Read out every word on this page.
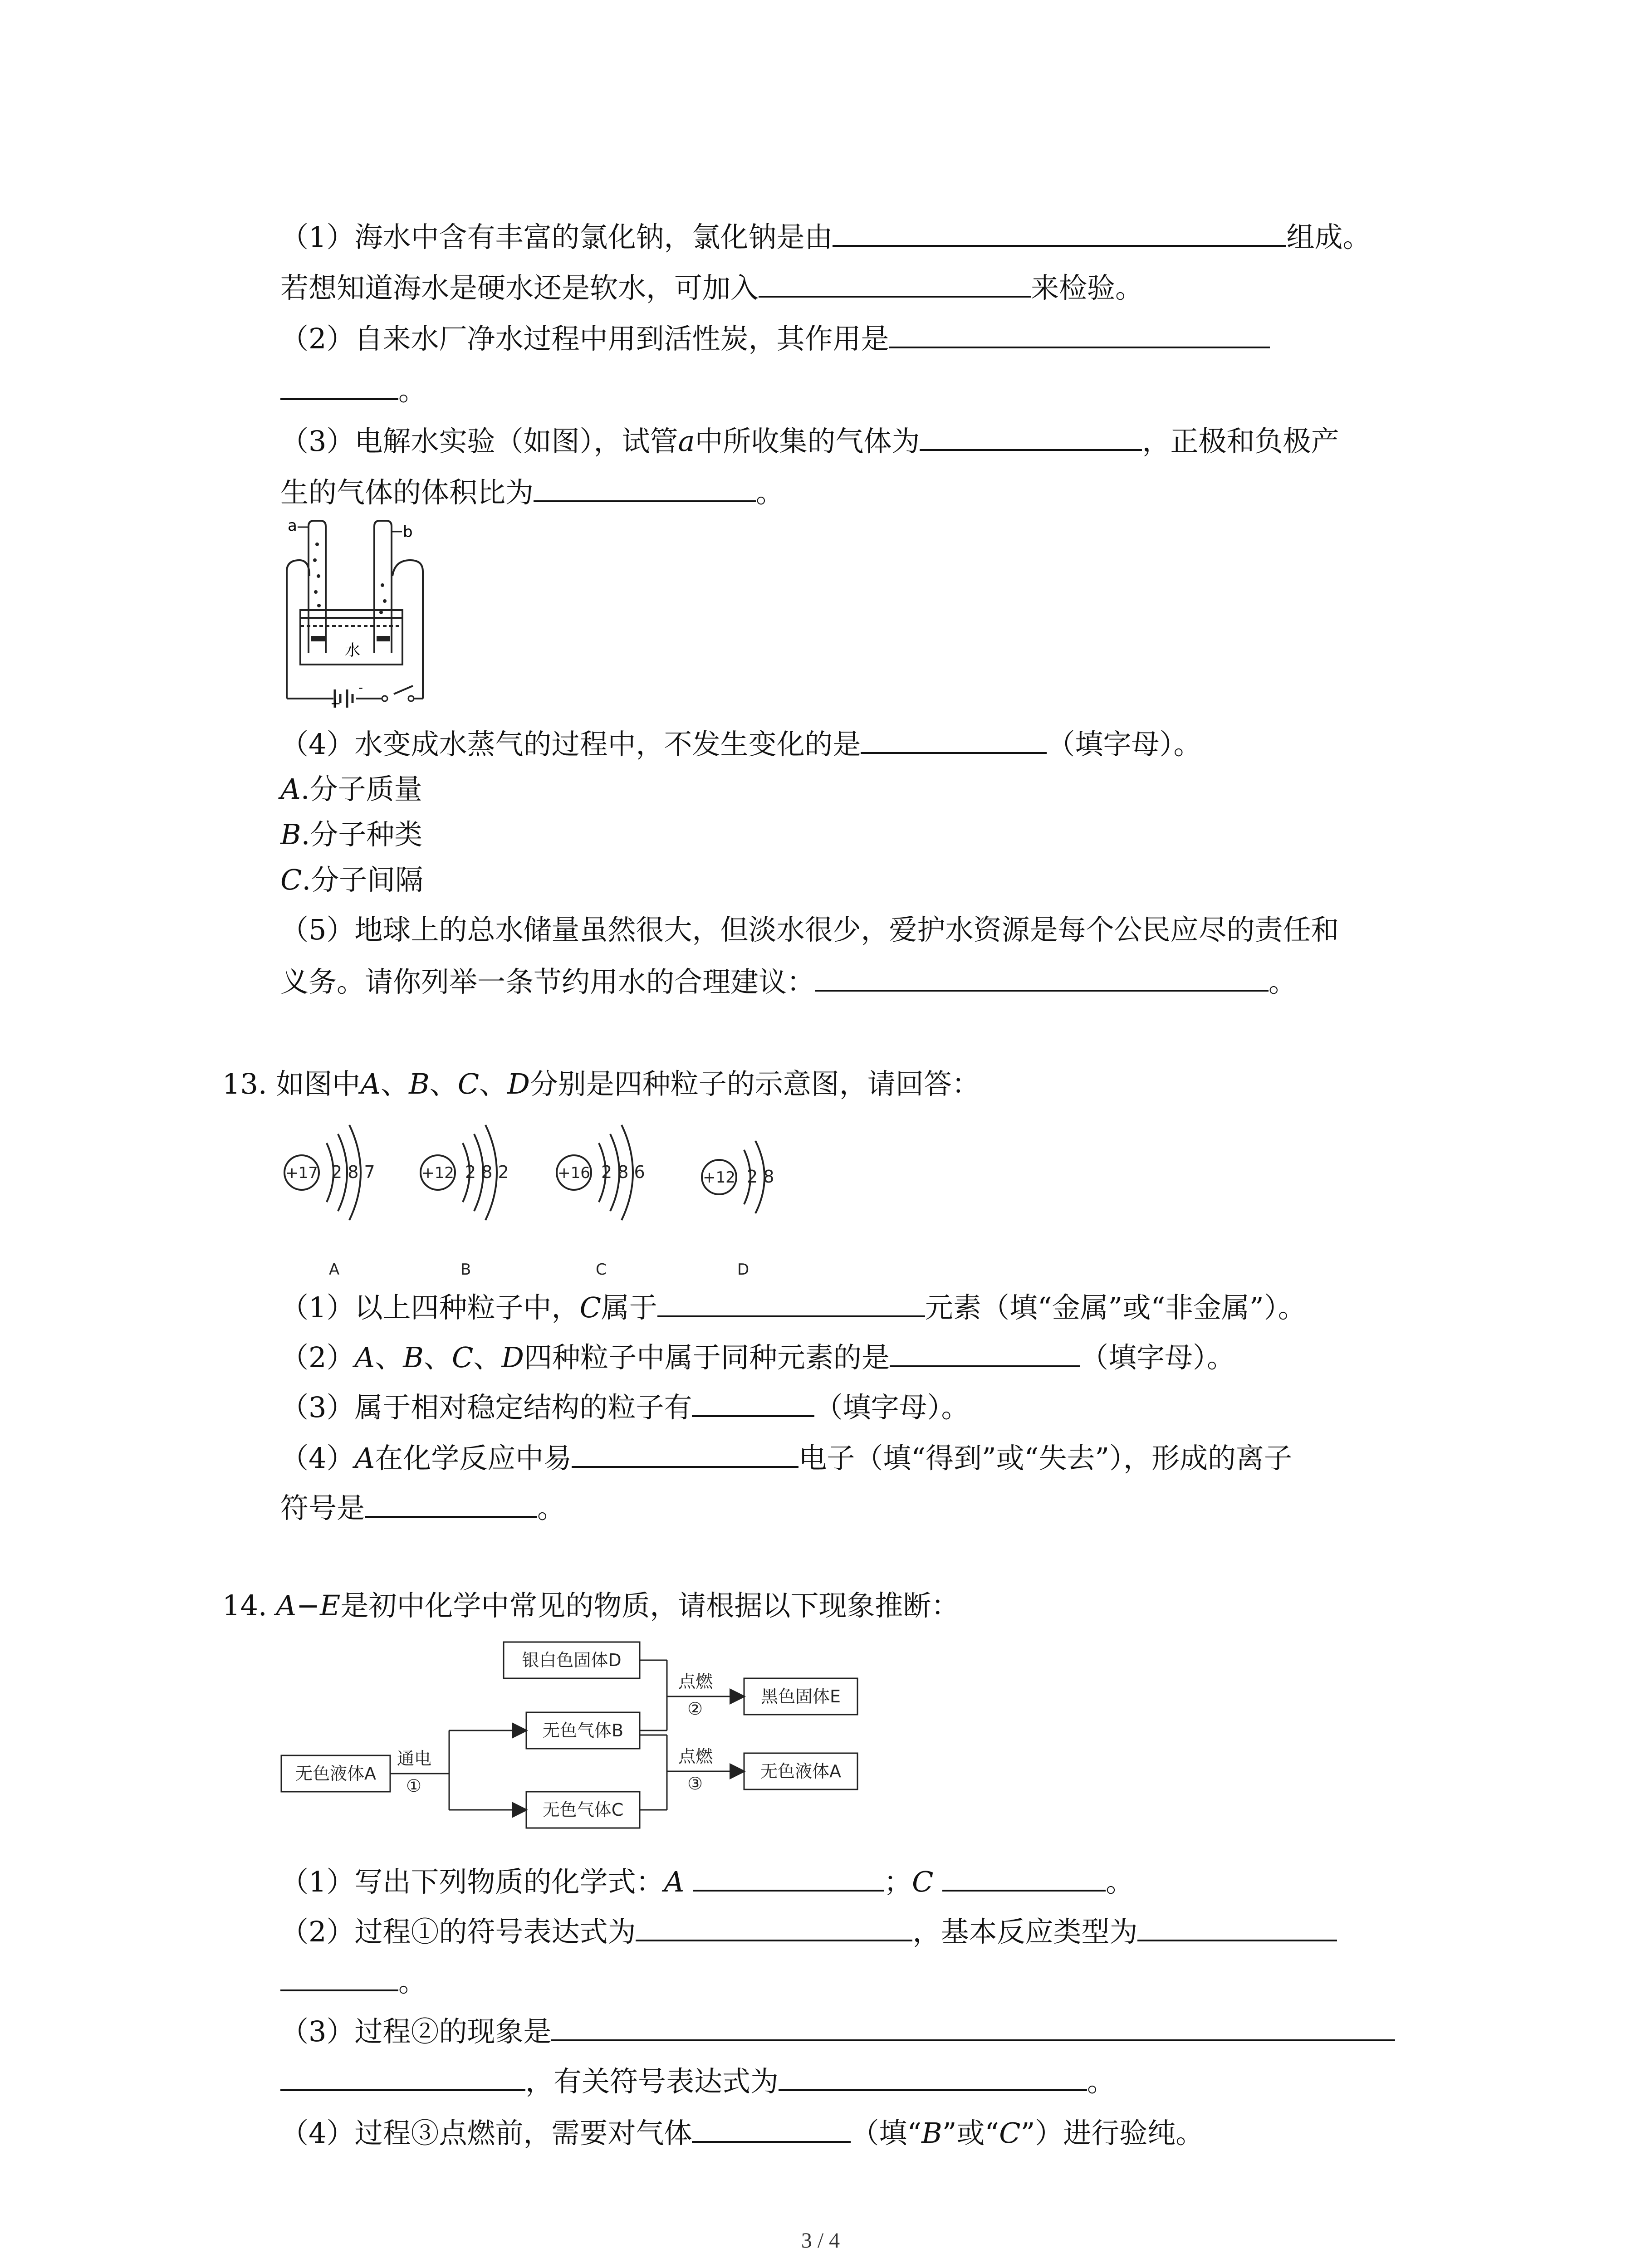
（1）海水中含有丰富的氯化钠，氯化钠是由	组成。
若想知道海水是硬水还是软水，可加入	来检验。
（2）自来水厂净水过程中用到活性炭，其作用是
。
（3）电解水实验（如图），试管a中所收集的气体为	，正极和负极产
生的气体的体积比为	。
a	b
水
+
-
（4）水变成水蒸气的过程中，不发生变化的是	（填字母）。
A.分子质量
B.分子种类
C.分子间隔
（5）地球上的总水储量虽然很大，但淡水很少，爱护水资源是每个公民应尽的责任和
义务。请你列举一条节约用水的合理建议：	。
13. 如图中A、B、C、D分别是四种粒子的示意图，请回答：
+17 2 8 7
A
+12 2 8 2
B
+16 2 8 6
C
+12 2 8
D
（1）以上四种粒子中，C属于	元素（填“金属”或“非金属”）。
（2）A、B、C、D四种粒子中属于同种元素的是	（填字母）。
（3）属于相对稳定结构的粒子有	（填字母）。
（4）A在化学反应中易	电子（填“得到”或“失去”），形成的离子
符号是	。
14. A−E是初中化学中常见的物质，请根据以下现象推断：
无色液体A
银白色固体D
无色气体B
无色气体C
黑色固体E
无色液体A
通电
①
点燃
②
点燃
③
（1）写出下列物质的化学式：A	；C	。
（2）过程①的符号表达式为	，基本反应类型为
。
（3）过程②的现象是
，有关符号表达式为	。
（4）过程③点燃前，需要对气体	（填“B”或“C”）进行验纯。
3 / 4
